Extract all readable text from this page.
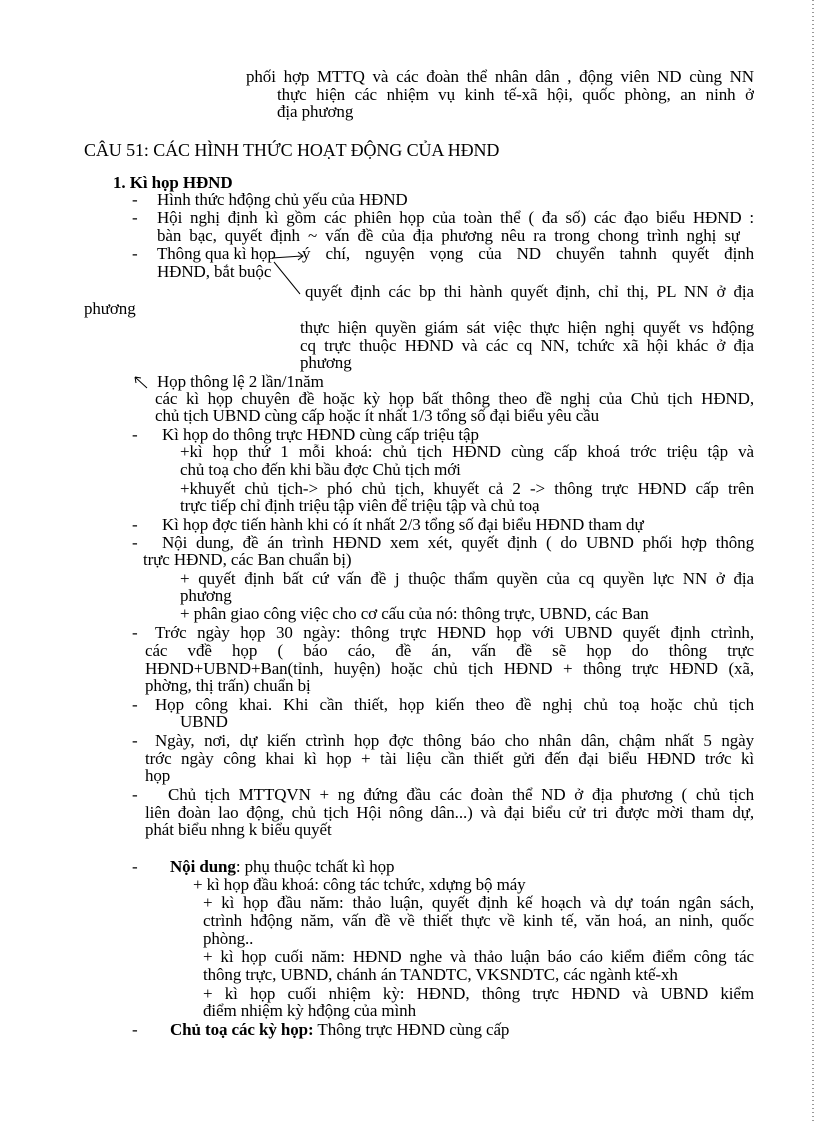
phối hợp MTTQ và các đoàn thể nhân dân , động viên ND cùng NN
thực hiện các nhiệm vụ kinh tế-xã hội, quốc phòng, an ninh ở
địa phương
CÂU 51: CÁC HÌNH THỨC HOẠT ĐỘNG CỦA HĐND
1. Kì họp HĐND
- Hình thức hđộng chủ yếu của HĐND
- Hội nghị định kì gồm các phiên họp của toàn thể ( đa số) các đạo biểu HĐND :
bàn bạc, quyết định ~ vấn đề của địa phương nêu ra trong chong trình nghị sự
- Thông qua kì họp ý chí, nguyện vọng của ND chuyển tahnh quyết định
HĐND, bắt buộc
quyết định các bp thi hành quyết định, chỉ thị, PL NN ở địa
phương
thực hiện quyền giám sát việc thực hiện nghị quyết vs hđộng
cq trực thuộc HĐND và các cq NN, tchức xã hội khác ở địa
phương
Họp thông lệ 2 lần/1năm
các kì họp chuyên đề hoặc kỳ họp bất thông theo đề nghị của Chủ tịch HĐND,
chủ tịch UBND cùng cấp hoặc ít nhất 1/3 tổng số đại biểu yêu cầu
- Kì họp do thông trực HĐND cùng cấp triệu tập
+kì họp thứ 1 mỗi khoá: chủ tịch HĐND cùng cấp khoá trớc triệu tập và
chủ toạ cho đến khi bầu đợc Chủ tịch mới
+khuyết chủ tịch-> phó chủ tịch, khuyết cả 2 -> thông trực HĐND cấp trên
trực tiếp chỉ định triệu tập viên để triệu tập và chủ toạ
- Kì họp đợc tiến hành khi có ít nhất 2/3 tổng số đại biểu HĐND tham dự
- Nội dung, đề án trình HĐND xem xét, quyết định ( do UBND phối hợp thông
trực HĐND, các Ban chuẩn bị)
+ quyết định bất cứ vấn đề j thuộc thẩm quyền của cq quyền lực NN ở địa
phương
+ phân giao công việc cho cơ cấu của nó: thông trực, UBND, các Ban
- Trớc ngày họp 30 ngày: thông trực HĐND họp với UBND quyết định ctrình,
các vđề họp ( báo cáo, đề án, vấn đề sẽ họp do thông trực
HĐND+UBND+Ban(tỉnh, huyện) hoặc chủ tịch HĐND + thông trực HĐND (xã,
phờng, thị trấn) chuẩn bị
- Họp công khai. Khi cần thiết, họp kiến theo đề nghị chủ toạ hoặc chủ tịch
UBND
- Ngày, nơi, dự kiến ctrình họp đợc thông báo cho nhân dân, chậm nhất 5 ngày
trớc ngày công khai kì họp + tài liệu cần thiết gửi đến đại biểu HĐND trớc kì
họp
- Chủ tịch MTTQVN + ng đứng đầu các đoàn thể ND ở địa phương ( chủ tịch
liên đoàn lao động, chủ tịch Hội nông dân...) và đại biểu cử tri được mời tham dự,
phát biểu nhng k biểu quyết
- Nội dung: phụ thuộc tchất kì họp
+ kì họp đầu khoá: công tác tchức, xdựng bộ máy
+ kì họp đầu năm: thảo luận, quyết định kế hoạch và dự toán ngân sách,
ctrình hđộng năm, vấn đề về thiết thực về kinh tế, văn hoá, an ninh, quốc
phòng..
+ kì họp cuối năm: HĐND nghe và thảo luận báo cáo kiểm điểm công tác
thông trực, UBND, chánh án TANDTC, VKSNDTC, các ngành ktế-xh
+ kì họp cuối nhiệm kỳ: HĐND, thông trực HĐND và UBND kiểm
điểm nhiệm kỳ hđộng của mình
- Chủ toạ các kỳ họp: Thông trực HĐND cùng cấp
